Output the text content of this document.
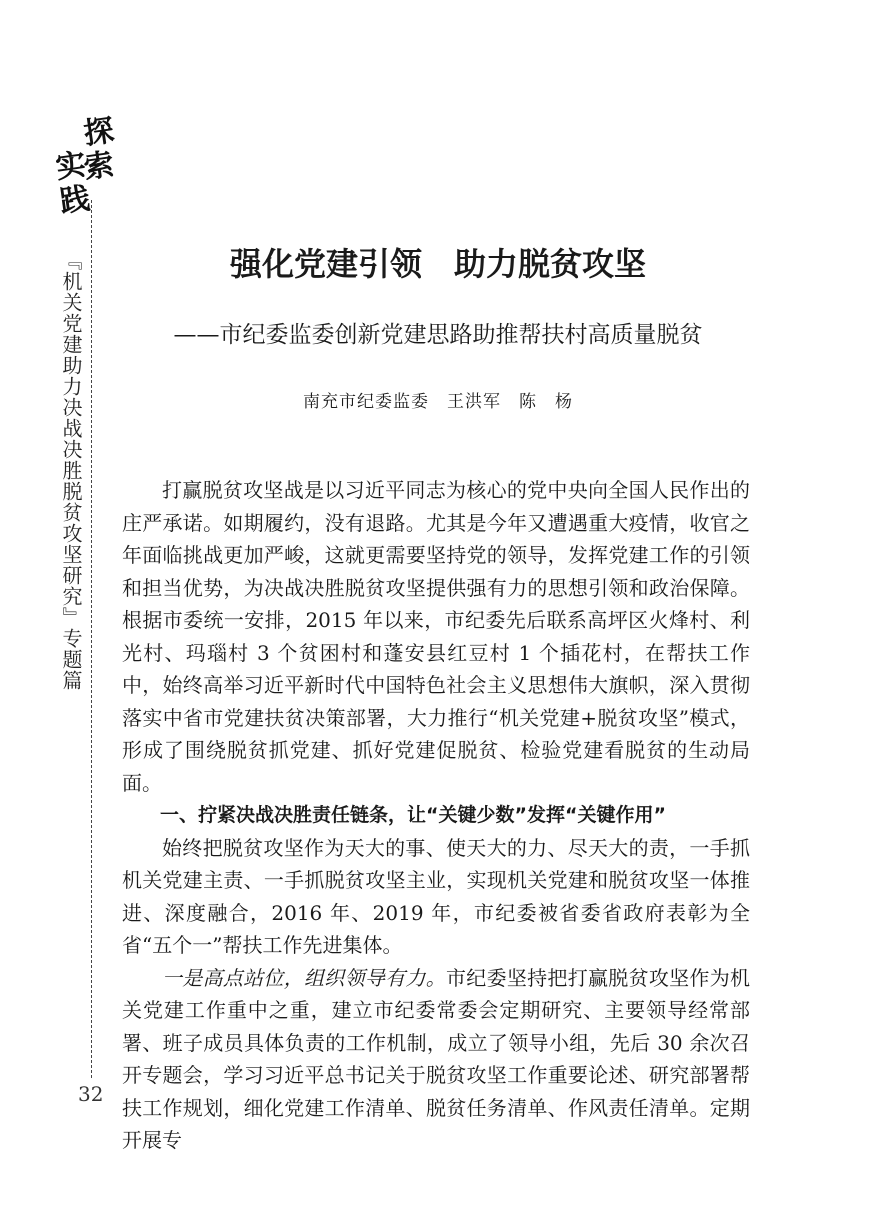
探
索
实
践
『机关党建助力决战决胜脱贫攻坚研究』专题篇
32
强化党建引领　助力脱贫攻坚
——市纪委监委创新党建思路助推帮扶村高质量脱贫
南充市纪委监委　王洪军　陈　杨

打赢脱贫攻坚战是以习近平同志为核心的党中央向全国人民作出的庄严承诺。如期履约，没有退路。尤其是今年又遭遇重大疫情，收官之年面临挑战更加严峻，这就更需要坚持党的领导，发挥党建工作的引领和担当优势，为决战决胜脱贫攻坚提供强有力的思想引领和政治保障。根据市委统一安排，2015 年以来，市纪委先后联系高坪区火烽村、利光村、玛瑙村 3 个贫困村和蓬安县红豆村 1 个插花村，在帮扶工作中，始终高举习近平新时代中国特色社会主义思想伟大旗帜，深入贯彻落实中省市党建扶贫决策部署，大力推行“机关党建+脱贫攻坚”模式，形成了围绕脱贫抓党建、抓好党建促脱贫、检验党建看脱贫的生动局面。

一、拧紧决战决胜责任链条，让“关键少数”发挥“关键作用”

始终把脱贫攻坚作为天大的事、使天大的力、尽天大的责，一手抓机关党建主责、一手抓脱贫攻坚主业，实现机关党建和脱贫攻坚一体推进、深度融合，2016 年、2019 年，市纪委被省委省政府表彰为全省“五个一”帮扶工作先进集体。

一是高点站位，组织领导有力。市纪委坚持把打赢脱贫攻坚作为机关党建工作重中之重，建立市纪委常委会定期研究、主要领导经常部署、班子成员具体负责的工作机制，成立了领导小组，先后 30 余次召开专题会，学习习近平总书记关于脱贫攻坚工作重要论述、研究部署帮扶工作规划，细化党建工作清单、脱贫任务清单、作风责任清单。定期开展专
